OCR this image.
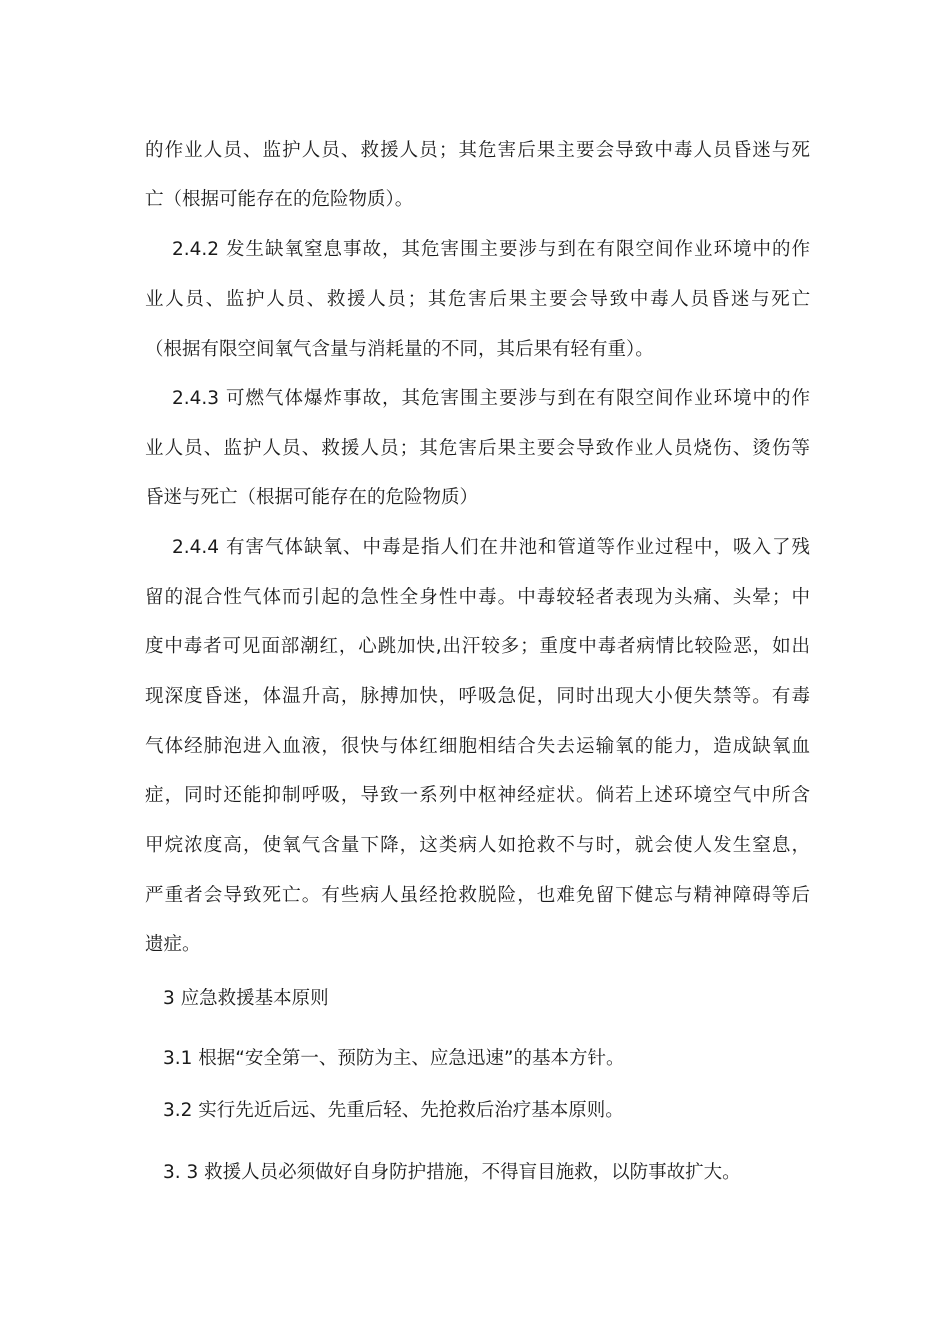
的作业人员、监护人员、救援人员；其危害后果主要会导致中毒人员昏迷与死
亡（根据可能存在的危险物质）。
2.4.2 发生缺氧窒息事故，其危害围主要涉与到在有限空间作业环境中的作
业人员、监护人员、救援人员；其危害后果主要会导致中毒人员昏迷与死亡
（根据有限空间氧气含量与消耗量的不同，其后果有轻有重）。
2.4.3 可燃气体爆炸事故，其危害围主要涉与到在有限空间作业环境中的作
业人员、监护人员、救援人员；其危害后果主要会导致作业人员烧伤、烫伤等
昏迷与死亡（根据可能存在的危险物质）
2.4.4 有害气体缺氧、中毒是指人们在井池和管道等作业过程中，吸入了残
留的混合性气体而引起的急性全身性中毒。中毒较轻者表现为头痛、头晕；中
度中毒者可见面部潮红，心跳加快,出汗较多；重度中毒者病情比较险恶，如出
现深度昏迷，体温升高，脉搏加快，呼吸急促，同时出现大小便失禁等。有毒
气体经肺泡进入血液，很快与体红细胞相结合失去运输氧的能力，造成缺氧血
症，同时还能抑制呼吸，导致一系列中枢神经症状。倘若上述环境空气中所含
甲烷浓度高，使氧气含量下降，这类病人如抢救不与时，就会使人发生窒息，
严重者会导致死亡。有些病人虽经抢救脱险，也难免留下健忘与精神障碍等后
遗症。
3 应急救援基本原则
3.1 根据“安全第一、预防为主、应急迅速”的基本方针。
3.2 实行先近后远、先重后轻、先抢救后治疗基本原则。
3. 3 救援人员必须做好自身防护措施，不得盲目施救，以防事故扩大。
